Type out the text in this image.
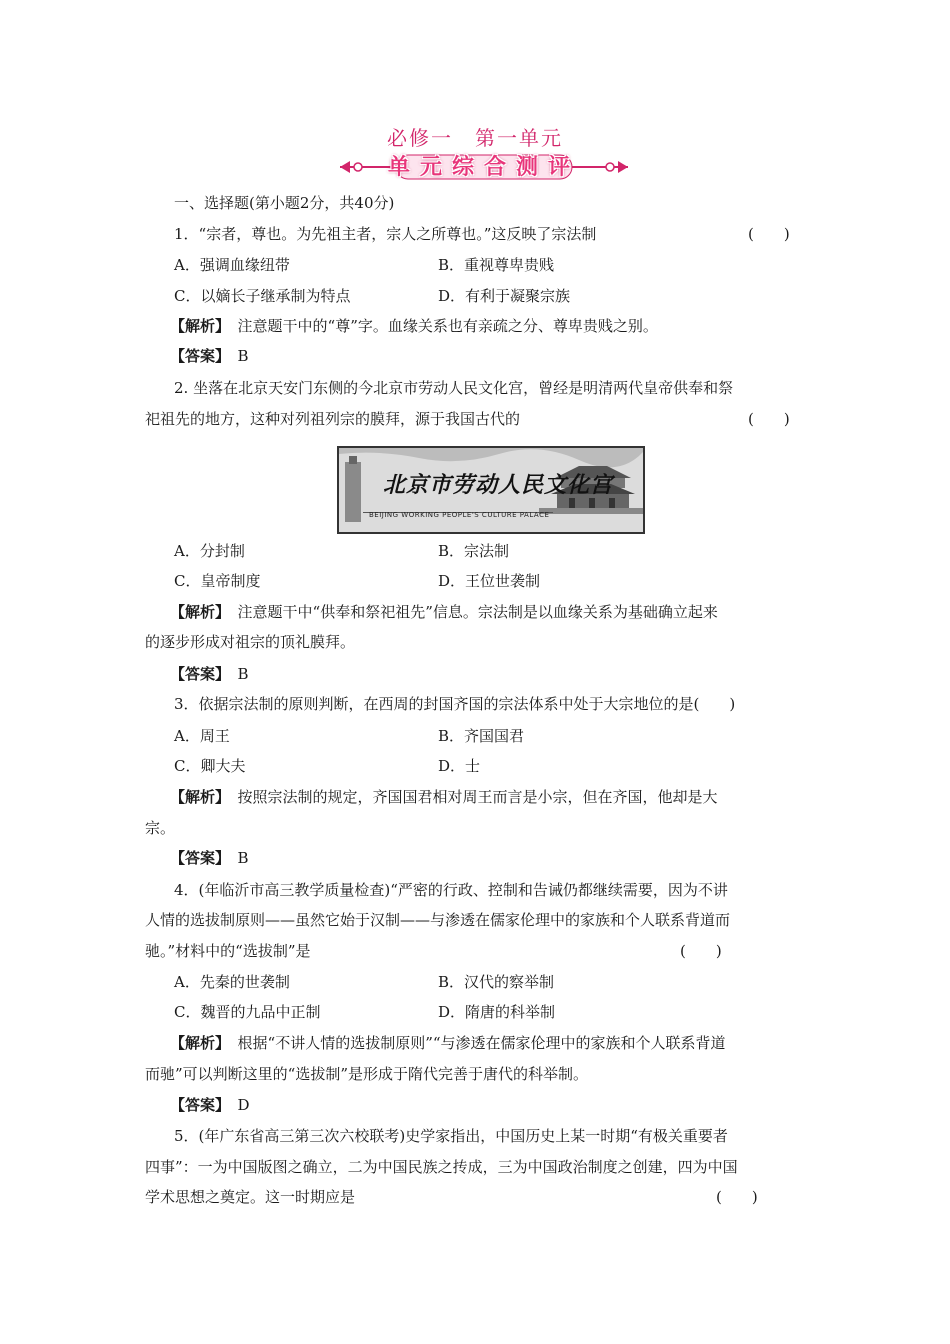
必修一　第一单元
单元综合测评
一、选择题(第小题2分，共40分)
1．“宗者，尊也。为先祖主者，宗人之所尊也。”这反映了宗法制	(　　)
A．强调血缘纽带	B．重视尊卑贵贱
C．以嫡长子继承制为特点	D．有利于凝聚宗族
【解析】　 注意题干中的“尊”字。血缘关系也有亲疏之分、尊卑贵贱之别。
【答案】　 B
2. 坐落在北京天安门东侧的今北京市劳动人民文化宫，曾经是明清两代皇帝供奉和祭
祀祖先的地方，这种对列祖列宗的膜拜，源于我国古代的	(　　)
北京市劳动人民文化宫
BEIJING WORKING PEOPLE'S CULTURE PALACE
A．分封制	B．宗法制
C．皇帝制度	D．王位世袭制
【解析】　 注意题干中“供奉和祭祀祖先”信息。宗法制是以血缘关系为基础确立起来
的逐步形成对祖宗的顶礼膜拜。
【答案】　 B
3．依据宗法制的原则判断，在西周的封国齐国的宗法体系中处于大宗地位的是(　　)
A．周王	B．齐国国君
C．卿大夫	D．士
【解析】　 按照宗法制的规定，齐国国君相对周王而言是小宗，但在齐国，他却是大
宗。
【答案】　 B
4．(年临沂市高三教学质量检查)“严密的行政、控制和告诫仍都继续需要，因为不讲
人情的选拔制原则——虽然它始于汉制——与渗透在儒家伦理中的家族和个人联系背道而
驰。”材料中的“选拔制”是	(　　)
A．先秦的世袭制	B．汉代的察举制
C．魏晋的九品中正制	D．隋唐的科举制
【解析】　 根据“不讲人情的选拔制原则”“与渗透在儒家伦理中的家族和个人联系背道
而驰”可以判断这里的“选拔制”是形成于隋代完善于唐代的科举制。
【答案】　 D
5．(年广东省高三第三次六校联考)史学家指出，中国历史上某一时期“有极关重要者
四事”：一为中国版图之确立，二为中国民族之抟成，三为中国政治制度之创建，四为中国
学术思想之奠定。这一时期应是	(　　)
